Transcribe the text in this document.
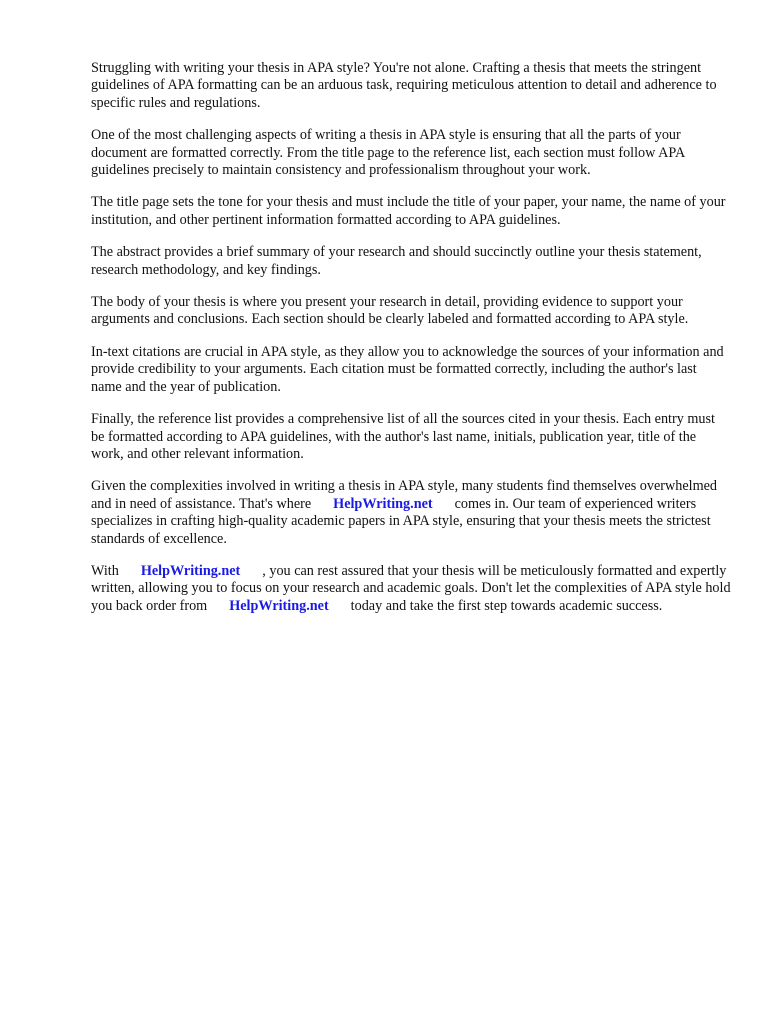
Struggling with writing your thesis in APA style? You're not alone. Crafting a thesis that meets the stringent guidelines of APA formatting can be an arduous task, requiring meticulous attention to detail and adherence to specific rules and regulations.

One of the most challenging aspects of writing a thesis in APA style is ensuring that all the parts of your document are formatted correctly. From the title page to the reference list, each section must follow APA guidelines precisely to maintain consistency and professionalism throughout your work.

The title page sets the tone for your thesis and must include the title of your paper, your name, the name of your institution, and other pertinent information formatted according to APA guidelines.

The abstract provides a brief summary of your research and should succinctly outline your thesis statement, research methodology, and key findings.

The body of your thesis is where you present your research in detail, providing evidence to support your arguments and conclusions. Each section should be clearly labeled and formatted according to APA style.

In-text citations are crucial in APA style, as they allow you to acknowledge the sources of your information and provide credibility to your arguments. Each citation must be formatted correctly, including the author's last name and the year of publication.

Finally, the reference list provides a comprehensive list of all the sources cited in your thesis. Each entry must be formatted according to APA guidelines, with the author's last name, initials, publication year, title of the work, and other relevant information.

Given the complexities involved in writing a thesis in APA style, many students find themselves overwhelmed and in need of assistance. That's where HelpWriting.net comes in. Our team of experienced writers specializes in crafting high-quality academic papers in APA style, ensuring that your thesis meets the strictest standards of excellence.

With HelpWriting.net , you can rest assured that your thesis will be meticulously formatted and expertly written, allowing you to focus on your research and academic goals. Don't let the complexities of APA style hold you back order from HelpWriting.net today and take the first step towards academic success.
